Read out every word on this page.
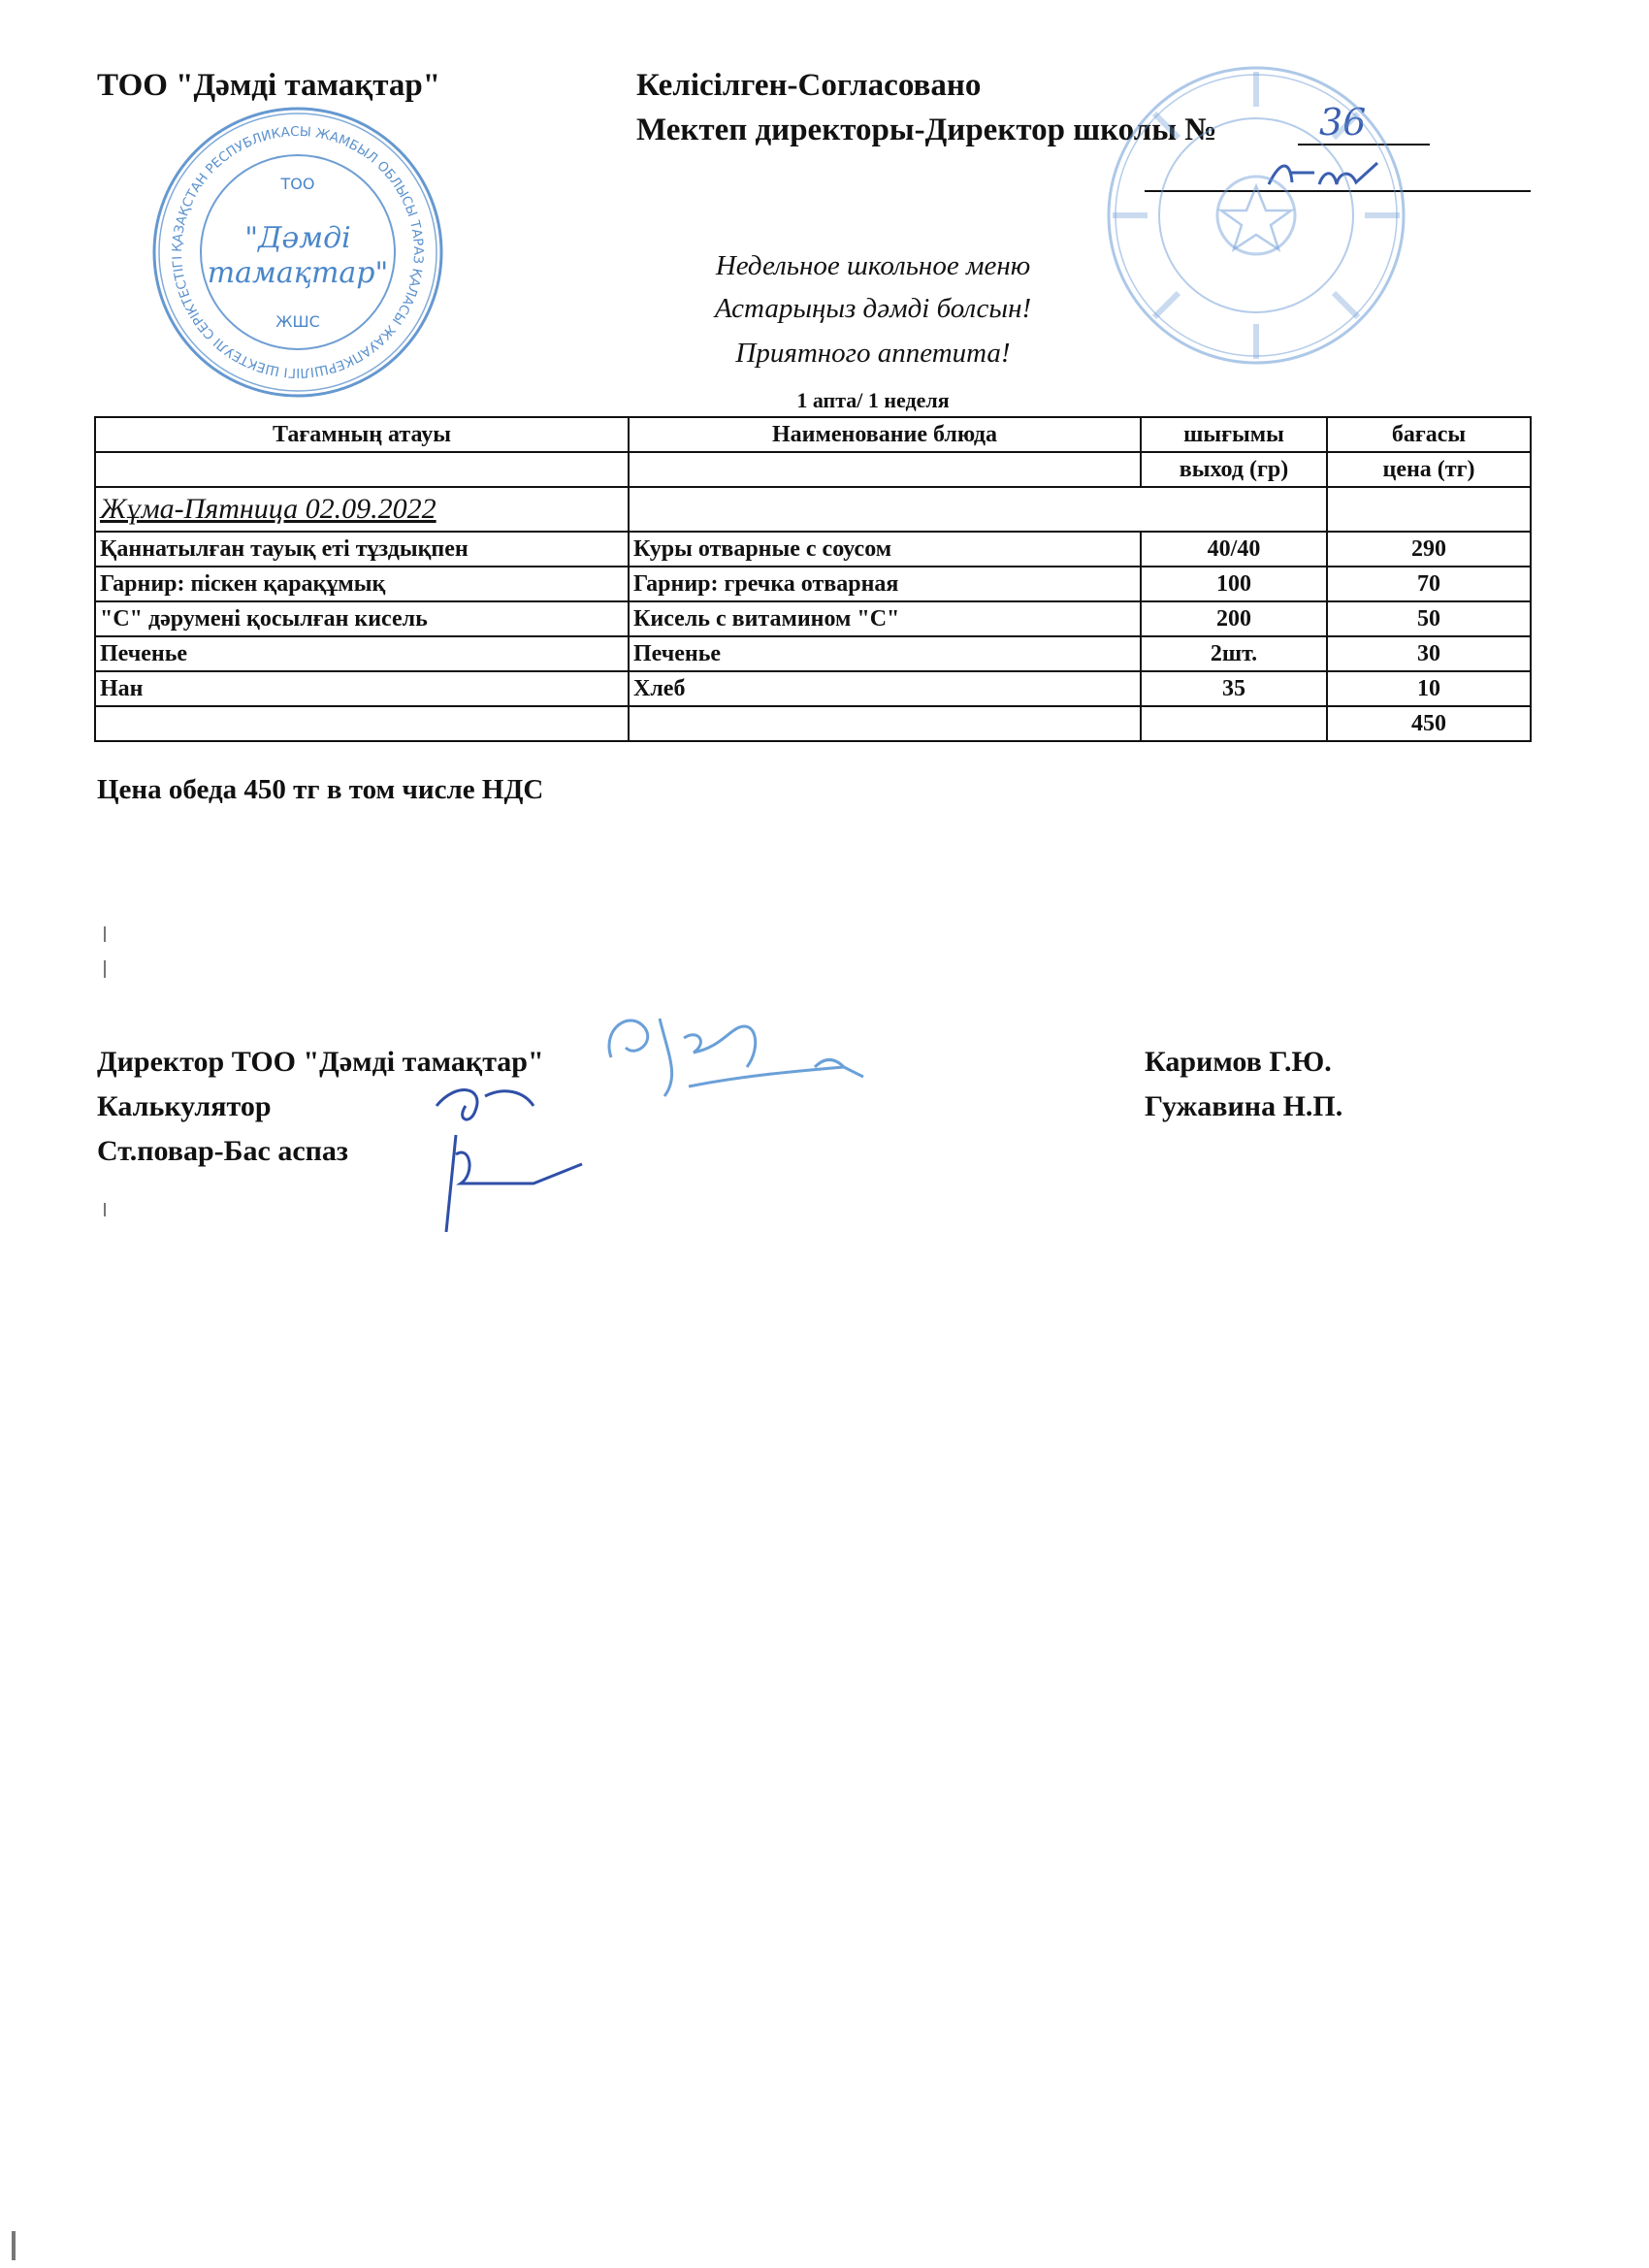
ТОО "Дәмді тамақтар"	Келісілген-Согласовано
Мектеп директоры-Директор школы №	36
ҚАЗАҚСТАН РЕСПУБЛИКАСЫ ЖАМБЫЛ ОБЛЫСЫ ТАРАЗ ҚАЛАСЫ ЖАУАПКЕРШІЛІГІ ШЕКТЕУЛІ СЕРІКТЕСТІГІ
ТОО
"Дәмді
тамақтар"
ЖШС
Недельное школьное меню
Астарыңыз дәмді болсын!
Приятного аппетита!
1 апта/ 1 неделя
Тағамның атауы	Наименование блюда	шығымы	бағасы
		выход (гр)	цена (тг)
Жұма-Пятница 02.09.2022			
Қаннатылған тауық еті тұздықпен	Куры отварные с соусом	40/40	290
Гарнир: піскен қарақұмық	Гарнир: гречка отварная	100	70
"С" дәрумені қосылған кисель	Кисель с витамином "С"	200	50
Печенье	Печенье	2шт.	30
Нан	Хлеб	35	10
			450
Цена обеда 450 тг в том числе НДС
Директор ТОО "Дәмді тамақтар"	Каримов Г.Ю.
Калькулятор	Гужавина Н.П.
Ст.повар-Бас аспаз
